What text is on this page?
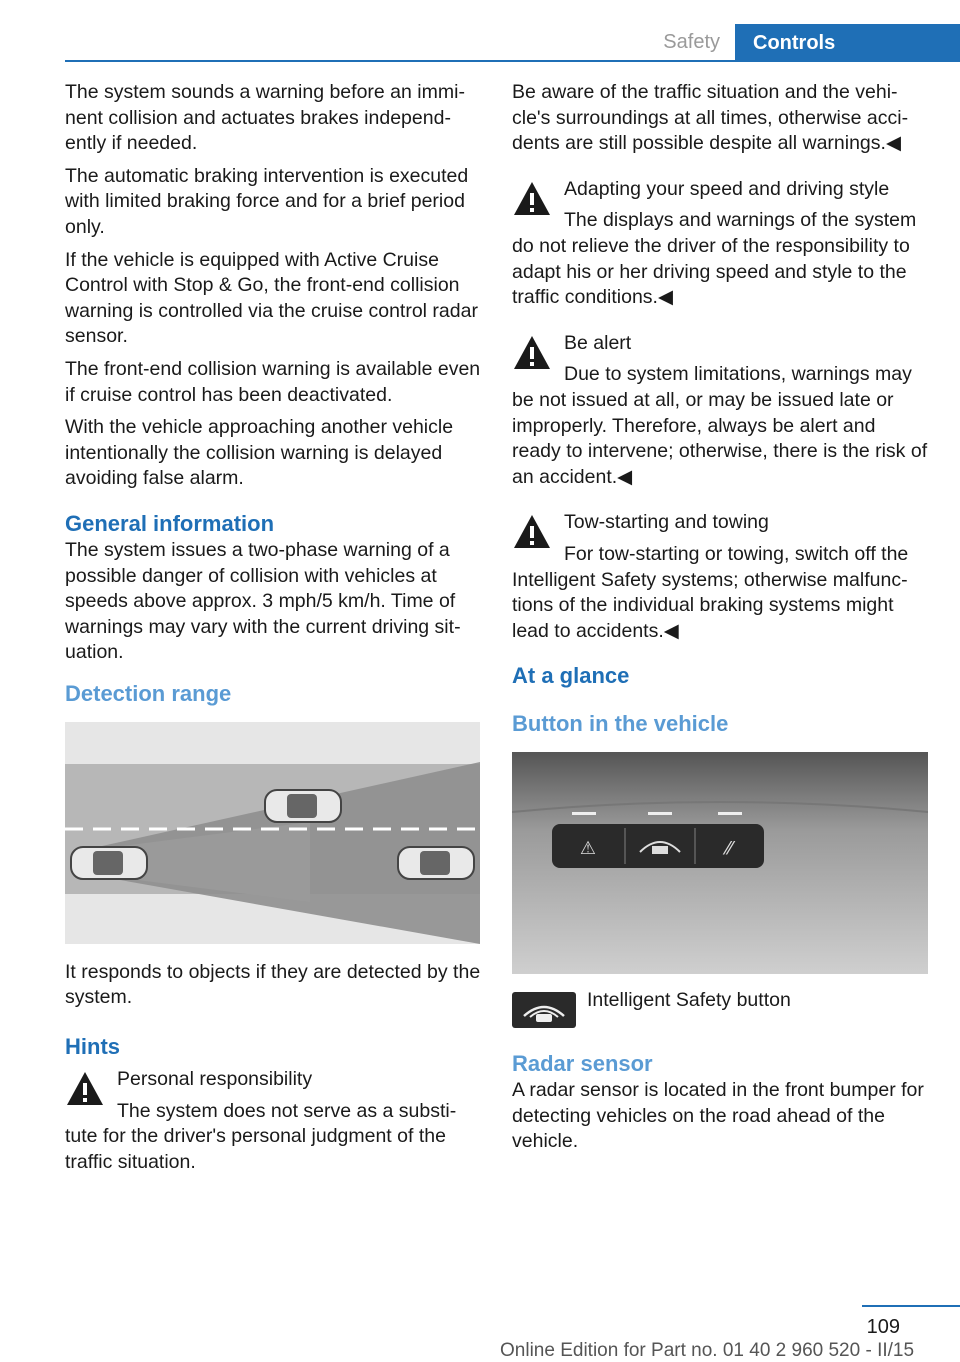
Safety	Controls

The system sounds a warning before an imminent collision and actuates brakes independently if needed.

The automatic braking intervention is executed with limited braking force and for a brief period only.

If the vehicle is equipped with Active Cruise Control with Stop & Go, the front-end collision warning is controlled via the cruise control radar sensor.

The front-end collision warning is available even if cruise control has been deactivated.

With the vehicle approaching another vehicle intentionally the collision warning is delayed avoiding false alarm.

General information

The system issues a two-phase warning of a possible danger of collision with vehicles at speeds above approx. 3 mph/5 km/h. Time of warnings may vary with the current driving situation.

Detection range

It responds to objects if they are detected by the system.

Hints
Personal responsibility
The system does not serve as a substitute for the driver's personal judgment of the traffic situation.

Be aware of the traffic situation and the vehicle's surroundings at all times, otherwise accidents are still possible despite all warnings.◀

Adapting your speed and driving style
The displays and warnings of the system do not relieve the driver of the responsibility to adapt his or her driving speed and style to the traffic conditions.◀
Be alert
Due to system limitations, warnings may be not issued at all, or may be issued late or improperly. Therefore, always be alert and ready to intervene; otherwise, there is the risk of an accident.◀
Tow-starting and towing
For tow-starting or towing, switch off the Intelligent Safety systems; otherwise malfunctions of the individual braking systems might lead to accidents.◀
At a glance
Button in the vehicle
⚠	⁄⁄
Intelligent Safety button
Radar sensor

A radar sensor is located in the front bumper for detecting vehicles on the road ahead of the vehicle.

109
Online Edition for Part no. 01 40 2 960 520 - II/15
